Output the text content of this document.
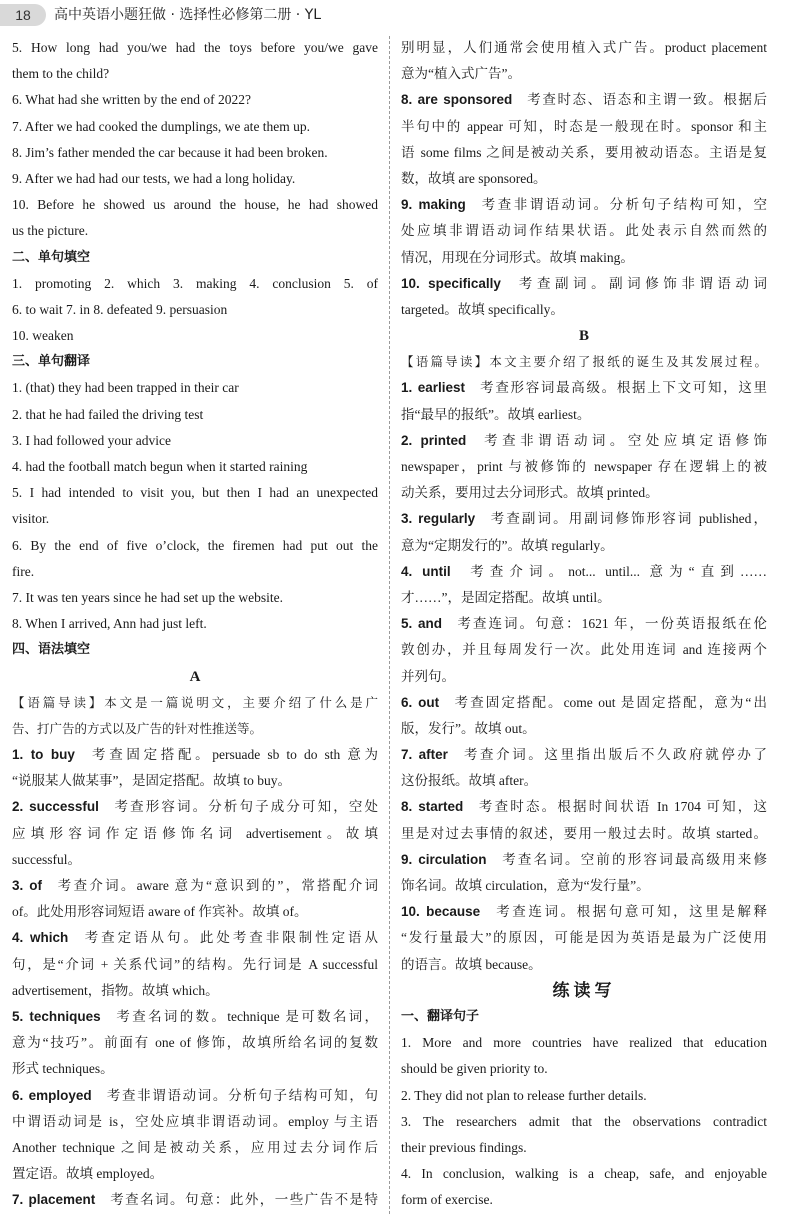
18	高中英语小题狂做 · 选择性必修第二册 · YL
5. How long had you/we had the toys before you/we gave
them to the child?
6. What had she written by the end of 2022?
7. After we had cooked the dumplings, we ate them up.
8. Jim’s father mended the car because it had been broken.
9. After we had had our tests, we had a long holiday.
10. Before he showed us around the house, he had showed
us the picture.
二、单句填空
1. promoting 2. which 3. making 4. conclusion 5. of
6. to wait 7. in 8. defeated 9. persuasion
10. weaken
三、单句翻译
1. (that) they had been trapped in their car
2. that he had failed the driving test
3. I had followed your advice
4. had the football match begun when it started raining
5. I had intended to visit you, but then I had an unexpected
visitor.
6. By the end of five o’clock, the firemen had put out the
fire.
7. It was ten years since he had set up the website.
8. When I arrived, Ann had just left.
四、语法填空
A
【语篇导读】本文是一篇说明文，主要介绍了什么是广
告、打广告的方式以及广告的针对性推送等。
1. to buy  考查固定搭配。persuade sb to do sth 意为
“说服某人做某事”，是固定搭配。故填 to buy。
2. successful  考查形容词。分析句子成分可知，空处
应填形容词作定语修饰名词 advertisement。故填
successful。
3. of  考查介词。aware 意为“意识到的”，常搭配介词
of。此处用形容词短语 aware of 作宾补。故填 of。
4. which  考查定语从句。此处考查非限制性定语从
句，是“介词 + 关系代词”的结构。先行词是 A successful
advertisement，指物。故填 which。
5. techniques  考查名词的数。technique 是可数名词，
意为“技巧”。前面有 one of 修饰，故填所给名词的复数
形式 techniques。
6. employed  考查非谓语动词。分析句子结构可知，句
中谓语动词是 is，空处应填非谓语动词。employ 与主语
Another technique 之间是被动关系，应用过去分词作后
置定语。故填 employed。
7. placement  考查名词。句意：此外，一些广告不是特
别明显，人们通常会使用植入式广告。product placement
意为“植入式广告”。
8. are sponsored  考查时态、语态和主谓一致。根据后
半句中的 appear 可知，时态是一般现在时。sponsor 和主
语 some films 之间是被动关系，要用被动语态。主语是复
数，故填 are sponsored。
9. making  考查非谓语动词。分析句子结构可知，空
处应填非谓语动词作结果状语。此处表示自然而然的
情况，用现在分词形式。故填 making。
10. specifically  考查副词。副词修饰非谓语动词
targeted。故填 specifically。
B
【语篇导读】本文主要介绍了报纸的诞生及其发展过程。
1. earliest  考查形容词最高级。根据上下文可知，这里
指“最早的报纸”。故填 earliest。
2. printed  考查非谓语动词。空处应填定语修饰
newspaper，print 与被修饰的 newspaper 存在逻辑上的被
动关系，要用过去分词形式。故填 printed。
3. regularly  考查副词。用副词修饰形容词 published，
意为“定期发行的”。故填 regularly。
4. until  考查介词。not... until... 意为“直到……
才……”，是固定搭配。故填 until。
5. and  考查连词。句意：1621 年，一份英语报纸在伦
敦创办，并且每周发行一次。此处用连词 and 连接两个
并列句。
6. out  考查固定搭配。come out 是固定搭配，意为“出
版，发行”。故填 out。
7. after  考查介词。这里指出版后不久政府就停办了
这份报纸。故填 after。
8. started  考查时态。根据时间状语 In 1704 可知，这
里是对过去事情的叙述，要用一般过去时。故填 started。
9. circulation  考查名词。空前的形容词最高级用来修
饰名词。故填 circulation，意为“发行量”。
10. because  考查连词。根据句意可知，这里是解释
“发行量最大”的原因，可能是因为英语是最为广泛使用
的语言。故填 because。
练读写
一、翻译句子
1. More and more countries have realized that education
should be given priority to.
2. They did not plan to release further details.
3. The researchers admit that the observations contradict
their previous findings.
4. In conclusion, walking is a cheap, safe, and enjoyable
form of exercise.
